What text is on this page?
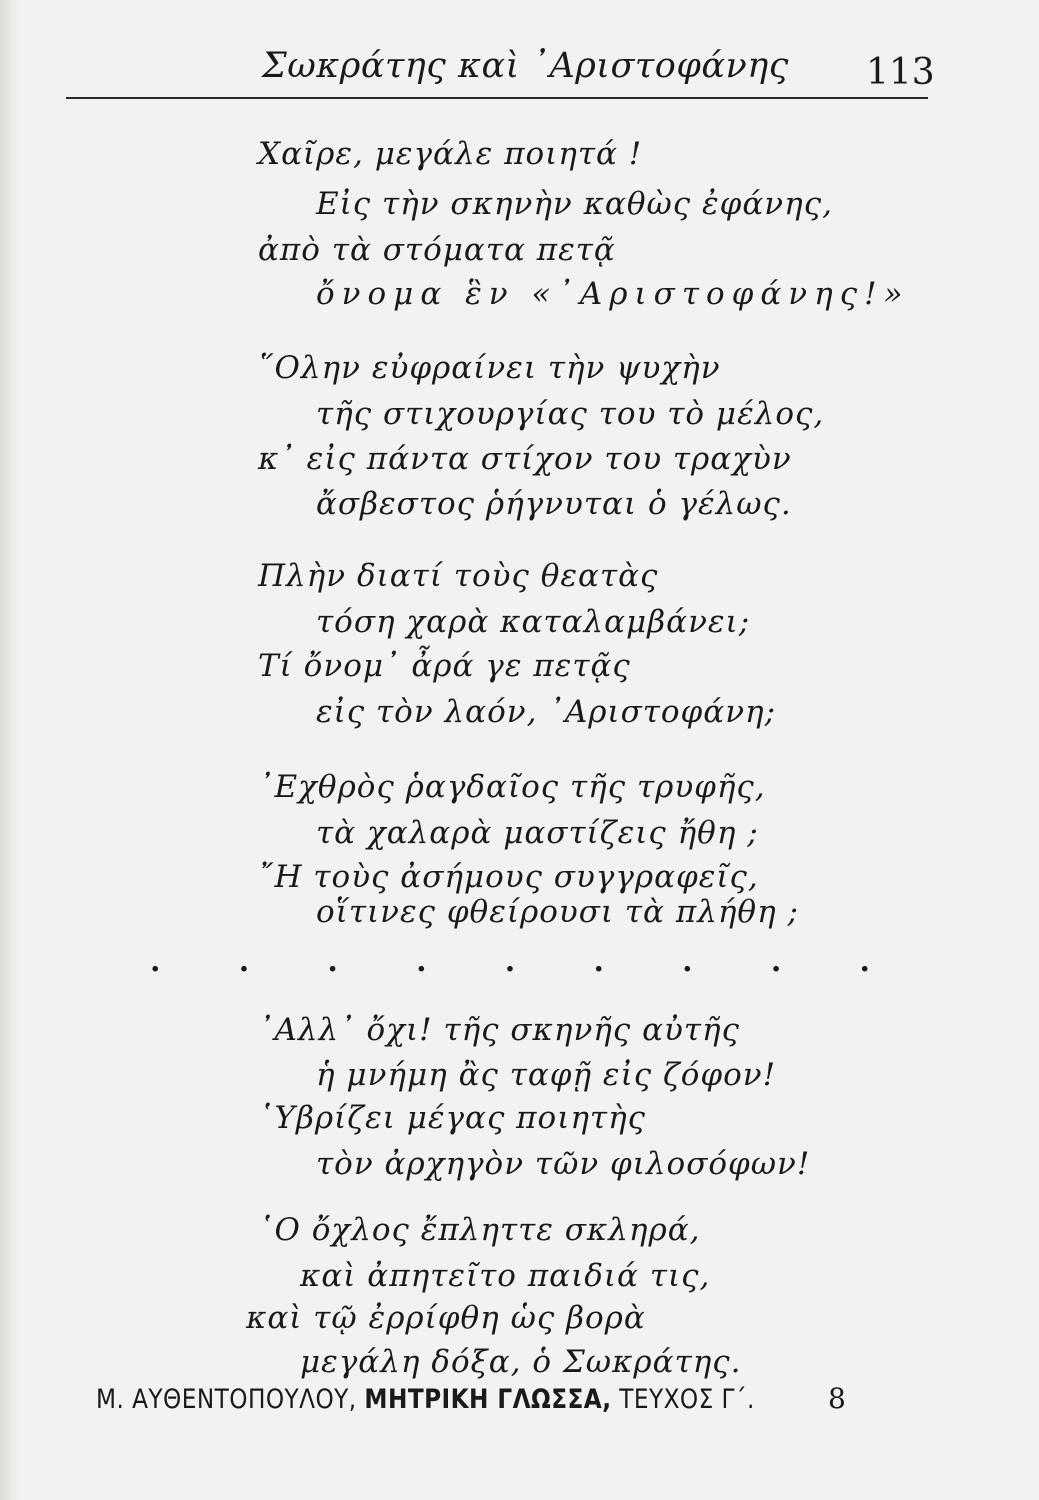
Σωκράτης καὶ ᾿Αριστοφάνης 113
Χαῖρε, μεγάλε ποιητά !
Εἰς τὴν σκηνὴν καθὼς ἐφάνης,
ἀπὸ τὰ στόματα πετᾷ
ὄνομα ἓν «᾿Αριστοφάνης!»
῞Ολην εὐφραίνει τὴν ψυχὴν
τῆς στιχουργίας του τὸ μέλος,
κ᾿ εἰς πάντα στίχον του τραχὺν
ἄσβεστος ῥήγνυται ὁ γέλως.
Πλὴν διατί τοὺς θεατὰς
τόση χαρὰ καταλαμβάνει;
Τί ὄνομ᾿ ἆρά γε πετᾷς
εἰς τὸν λαόν, ᾿Αριστοφάνη;
᾿Εχθρὸς ῥαγδαῖος τῆς τρυφῆς,
τὰ χαλαρὰ μαστίζεις ἤθη ;
῎Η τοὺς ἀσήμους συγγραφεῖς,
οἵτινες φθείρουσι τὰ πλήθη ;
.	.	.	.	.	.	.	.	.
᾿Αλλ᾿ ὄχι! τῆς σκηνῆς αὐτῆς
ἡ μνήμη ἂς ταφῇ εἰς ζόφον!
῾Υβρίζει μέγας ποιητὴς
τὸν ἀρχηγὸν τῶν φιλοσόφων!
῾Ο ὄχλος ἔπληττε σκληρά,
καὶ ἀπητεῖτο παιδιά τις,
καὶ τῷ ἐρρίφθη ὡς βορὰ
μεγάλη δόξα, ὁ Σωκράτης.
Μ. ΑΥΘΕΝΤΟΠΟΥΛΟΥ, ΜΗΤΡΙΚΗ ΓΛΩΣΣΑ, ΤΕΥΧΟΣ Γ΄.	8
